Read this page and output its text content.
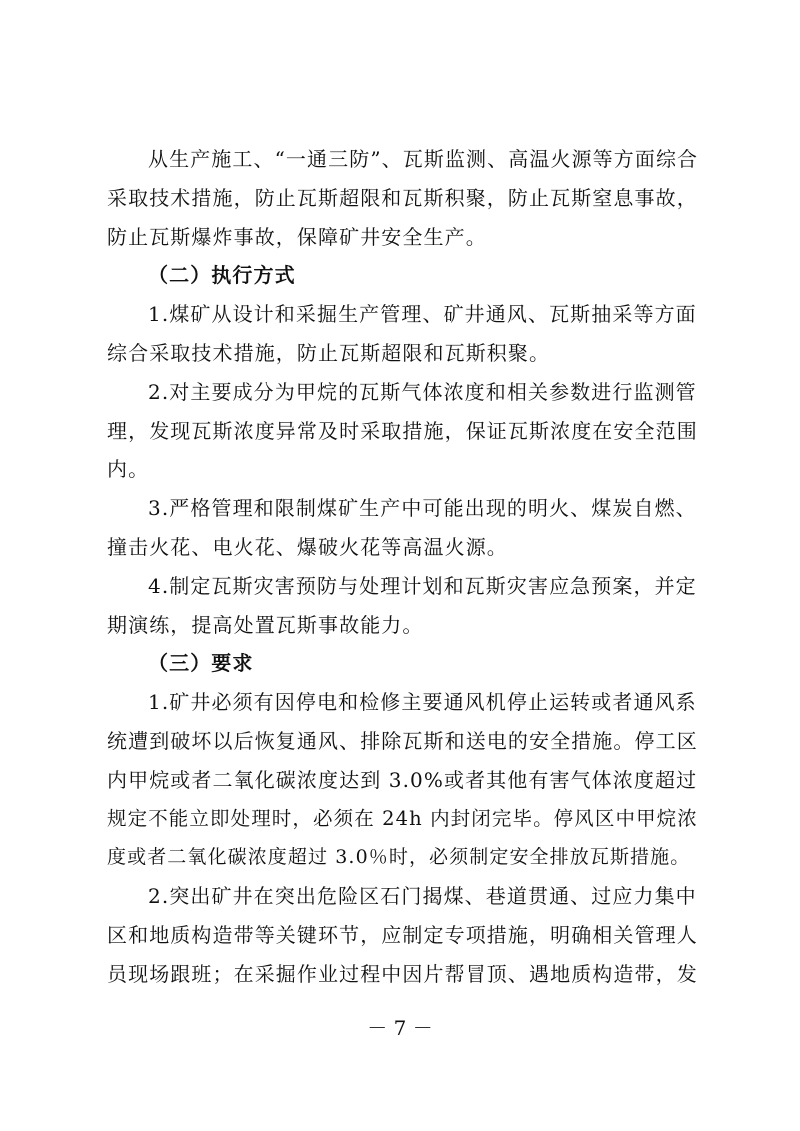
从生产施工、“一通三防”、瓦斯监测、高温火源等方面综合
采取技术措施，防止瓦斯超限和瓦斯积聚，防止瓦斯窒息事故，
防止瓦斯爆炸事故，保障矿井安全生产。
（二）执行方式
1.煤矿从设计和采掘生产管理、矿井通风、瓦斯抽采等方面
综合采取技术措施，防止瓦斯超限和瓦斯积聚。
2.对主要成分为甲烷的瓦斯气体浓度和相关参数进行监测管
理，发现瓦斯浓度异常及时采取措施，保证瓦斯浓度在安全范围
内。
3.严格管理和限制煤矿生产中可能出现的明火、煤炭自燃、
撞击火花、电火花、爆破火花等高温火源。
4.制定瓦斯灾害预防与处理计划和瓦斯灾害应急预案，并定
期演练，提高处置瓦斯事故能力。
（三）要求
1.矿井必须有因停电和检修主要通风机停止运转或者通风系
统遭到破坏以后恢复通风、排除瓦斯和送电的安全措施。停工区
内甲烷或者二氧化碳浓度达到 3.0%或者其他有害气体浓度超过
规定不能立即处理时，必须在 24h 内封闭完毕。停风区中甲烷浓
度或者二氧化碳浓度超过 3.0％时，必须制定安全排放瓦斯措施。
2.突出矿井在突出危险区石门揭煤、巷道贯通、过应力集中
区和地质构造带等关键环节，应制定专项措施，明确相关管理人
员现场跟班；在采掘作业过程中因片帮冒顶、遇地质构造带，发
－ 7 －
